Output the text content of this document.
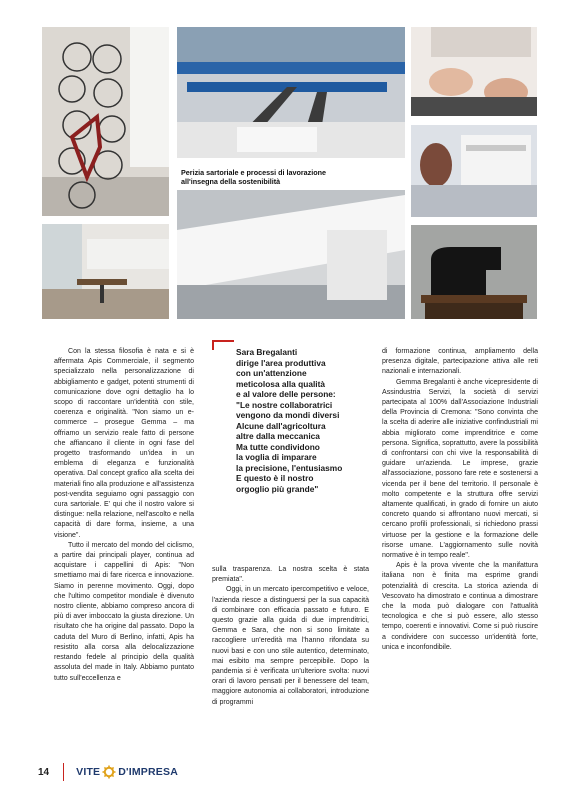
Perizia sartoriale e processi di lavorazione
all'insegna della sostenibilità

Con la stessa filosofia è nata e si è affermata Apis Commerciale, il segmento specializzato nella personalizzazione di abbigliamento e gadget, potenti strumenti di comunicazione dove ogni dettaglio ha lo scopo di raccontare un'identità con stile, coerenza e originalità. "Non siamo un e-commerce – prosegue Gemma – ma offriamo un servizio reale fatto di persone che affiancano il cliente in ogni fase del progetto trasformando un'idea in un emblema di eleganza e funzionalità operativa. Dal concept grafico alla scelta dei materiali fino alla produzione e all'assistenza post-vendita seguiamo ogni passaggio con cura sartoriale. E' qui che il nostro valore si distingue: nella relazione, nell'ascolto e nella capacità di dare forma, insieme, a una visione".

Tutto il mercato del mondo del ciclismo, a partire dai principali player, continua ad acquistare i cappellini di Apis: "Non smettiamo mai di fare ricerca e innovazione. Siamo in perenne movimento. Oggi, dopo che l'ultimo competitor mondiale è divenuto nostro cliente, abbiamo compreso ancora di più di aver imboccato la giusta direzione. Un risultato che ha origine dal passato. Dopo la caduta del Muro di Berlino, infatti, Apis ha resistito alla corsa alla delocalizzazione restando fedele al principio della qualità assoluta del made in Italy. Abbiamo puntato tutto sull'eccellenza e

Sara Bregalanti
dirige l'area produttiva
con un'attenzione
meticolosa alla qualità
e al valore delle persone:
"Le nostre collaboratrici
vengono da mondi diversi
Alcune dall'agricoltura
altre dalla meccanica
Ma tutte condividono
la voglia di imparare
la precisione, l'entusiasmo
E questo è il nostro
orgoglio più grande"

sulla trasparenza. La nostra scelta è stata premiata".

Oggi, in un mercato ipercompetitivo e veloce, l'azienda riesce a distinguersi per la sua capacità di combinare con efficacia passato e futuro. E questo grazie alla guida di due imprenditrici, Gemma e Sara, che non si sono limitate a raccogliere un'eredità ma l'hanno rifondata su nuovi basi e con uno stile autentico, determinato, mai esibito ma sempre percepibile. Dopo la pandemia si è verificata un'ulteriore svolta: nuovi orari di lavoro pensati per il benessere del team, maggiore autonomia ai collaboratori, introduzione di programmi

di formazione continua, ampliamento della presenza digitale, partecipazione attiva alle reti nazionali e internazionali.

Gemma Bregalanti è anche vicepresidente di Assindustria Servizi, la società di servizi partecipata al 100% dall'Associazione Industriali della Provincia di Cremona: "Sono convinta che la scelta di aderire alle iniziative confindustriali mi abbia migliorato come imprenditrice e come persona. Significa, soprattutto, avere la possibilità di confrontarsi con chi vive la responsabilità di guidare un'azienda. Le imprese, grazie all'associazione, possono fare rete e sostenersi a vicenda per il bene del territorio. Il personale è molto competente e la struttura offre servizi altamente qualificati, in grado di fornire un aiuto concreto quando si affrontano nuovi mercati, si cercano profili professionali, si richiedono prassi virtuose per la gestione e la formazione delle risorse umane. L'aggiornamento sulle novità normative è in tempo reale".

Apis è la prova vivente che la manifattura italiana non è finita ma esprime grandi potenzialità di crescita. La storica azienda di Vescovato ha dimostrato e continua a dimostrare che la moda può dialogare con l'attualità tecnologica e che si può essere, allo stesso tempo, coerenti e innovativi. Come si può riuscire a condividere con successo un'identità forte, unica e inconfondibile.

14	VITE D'IMPRESA
